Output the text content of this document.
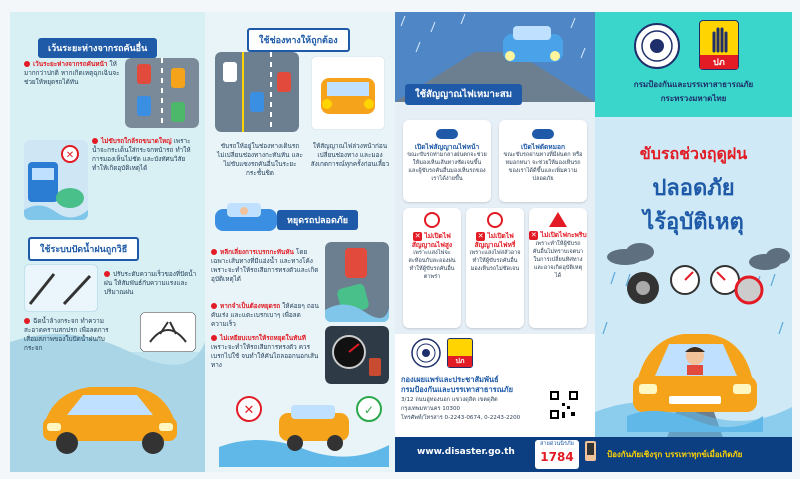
เว้นระยะห่างจากรถคันอื่น
เว้นระยะห่างจากรถคันหน้า ให้มากกว่าปกติ หากเกิดเหตุฉุกเฉินจะช่วยให้หยุดรถได้ทัน
ไม่ขับรถใกล้รถขนาดใหญ่ เพราะน้ำจะกระเด็นใส่กระจกหน้ารถ ทำให้การมองเห็นไม่ชัด และบังทัศนวิสัย ทำให้เกิดอุบัติเหตุได้
✕
ใช้ระบบปัดน้ำฝนถูกวิธี
ปรับระดับความเร็วของที่ปัดน้ำฝน ให้สัมพันธ์กับความแรงและปริมาณฝน
ฉีดน้ำล้างกระจก ทำความสะอาดคราบสกปรก เพื่อลดการเสื่อมสภาพของใบปัดน้ำฝนกับกระจก
ใช้ช่องทางให้ถูกต้อง
ขับรถให้อยู่ในช่องทางเดินรถ ไม่เปลี่ยนช่องทางกะทันหัน และไม่ขับแซงรถคันอื่นในระยะกระชั้นชิด
ให้สัญญาณไฟล่วงหน้าก่อนเปลี่ยนช่องทาง และมองสังเกตการณ์ทุกครั้งก่อนเลี้ยว
หยุดรถปลอดภัย
หลีกเลี่ยงการเบรกกะทันหัน โดยเฉพาะเส้นทางที่มีแอ่งน้ำ และทางโค้ง เพราะจะทำให้รถเสียการทรงตัวและเกิดอุบัติเหตุได้
หากจำเป็นต้องหยุดรถ ให้ค่อยๆ ถอนคันเร่ง และแตะเบรกเบาๆ เพื่อลดความเร็ว
ไม่เหยียบเบรกให้รถหยุดในทันที เพราะจะทำให้รถเสียการทรงตัว ควรเบรกไปใช้ จนทำให้คันไถลออกนอกเส้นทาง
✕	✓
ใช้สัญญาณไฟเหมาะสม
เปิดไฟสัญญาณไฟหน้า
ขณะขับรถท่ามกลางฝนตกจะช่วยให้มองเห็นเส้นทางชัดเจนขึ้น และผู้ขับรถคันอื่นมองเห็นรถของเราได้ง่ายขึ้น
เปิดไฟตัดหมอก
ขณะขับรถผ่านทางที่มีฝนตก หรือหมอกหนา จะช่วยให้มองเห็นรถของเราได้ดีขึ้นและเพิ่มความปลอดภัย
✕ ไม่เปิดไฟสัญญาณไฟสูง
เพราะแสงไฟจะสะท้อนกับละอองฝนทำให้ผู้ขับรถคันอื่นตาพร่า
✕ ไม่เปิดไฟสัญญาณไฟหรี่
เพราะแสงไฟสลัวอาจทำให้ผู้ขับรถคันอื่นมองเห็นรถไม่ชัดเจน
✕ ไม่เปิดไฟกะพริบ
เพราะทำให้ผู้ขับรถคันอื่นไม่ทราบเจตนาในการเปลี่ยนทิศทางและอาจเกิดอุบัติเหตุได้
ปภ
กองเผยแพร่และประชาสัมพันธ์
กรมป้องกันและบรรเทาสาธารณภัย
3/12 ถนนอู่ทองนอก แขวงดุสิต เขตดุสิต
กรุงเทพมหานคร 10300
โทรศัพท์/โทรสาร 0-2243-0674, 0-2243-2200
ปภ
กรมป้องกันและบรรเทาสาธารณภัย
กระทรวงมหาดไทย
ขับรถช่วงฤดูฝน
ปลอดภัย
ไร้อุบัติเหตุ
www.disaster.go.th
สายด่วนนิรภัย
1784	ป้องกันภัยเชิงรุก บรรเทาทุกข์เมื่อเกิดภัย
